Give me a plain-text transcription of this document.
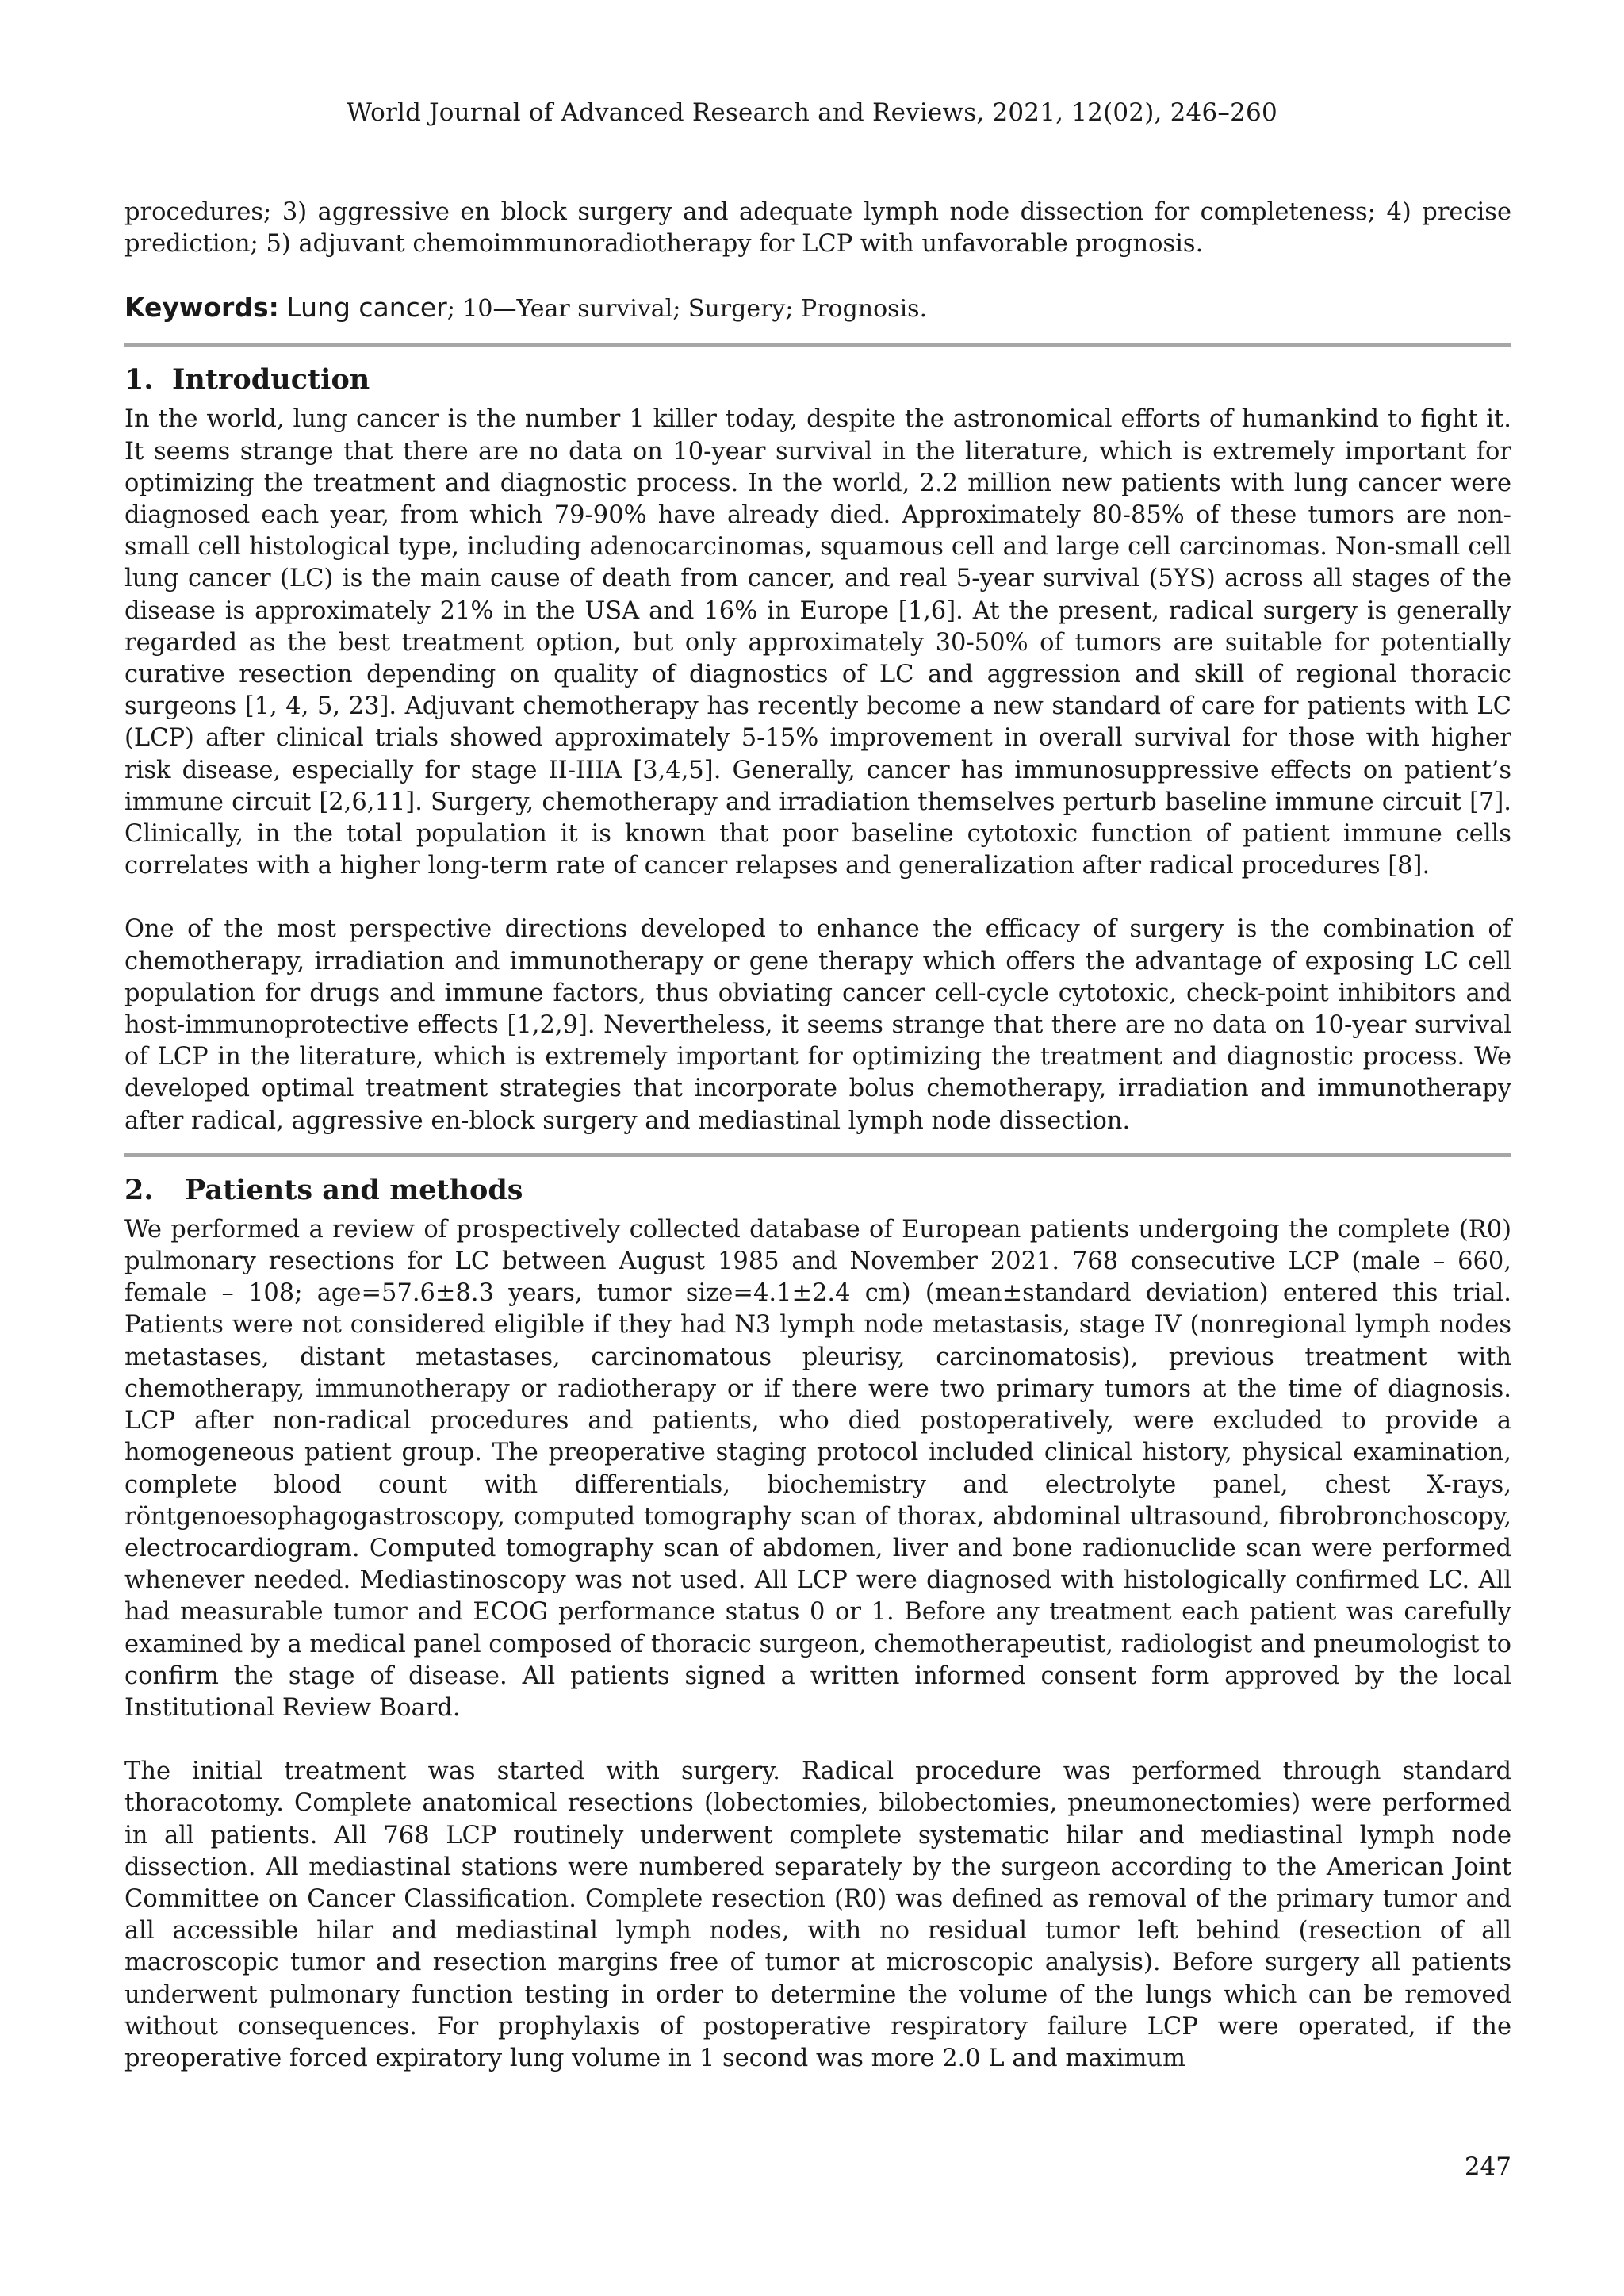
World Journal of Advanced Research and Reviews, 2021, 12(02), 246–260

procedures; 3) aggressive en block surgery and adequate lymph node dissection for completeness; 4) precise prediction; 5) adjuvant chemoimmunoradiotherapy for LCP with unfavorable prognosis.

Keywords: Lung cancer; 10—Year survival; Surgery; Prognosis.
1. Introduction

In the world, lung cancer is the number 1 killer today, despite the astronomical efforts of humankind to fight it. It seems strange that there are no data on 10-year survival in the literature, which is extremely important for optimizing the treatment and diagnostic process. In the world, 2.2 million new patients with lung cancer were diagnosed each year, from which 79-90% have already died. Approximately 80-85% of these tumors are non-small cell histological type, including adenocarcinomas, squamous cell and large cell carcinomas. Non-small cell lung cancer (LC) is the main cause of death from cancer, and real 5-year survival (5YS) across all stages of the disease is approximately 21% in the USA and 16% in Europe [1,6]. At the present, radical surgery is generally regarded as the best treatment option, but only approximately 30-50% of tumors are suitable for potentially curative resection depending on quality of diagnostics of LC and aggression and skill of regional thoracic surgeons [1, 4, 5, 23]. Adjuvant chemotherapy has recently become a new standard of care for patients with LC (LCP) after clinical trials showed approximately 5-15% improvement in overall survival for those with higher risk disease, especially for stage II-IIIA [3,4,5]. Generally, cancer has immunosuppressive effects on patient’s immune circuit [2,6,11]. Surgery, chemotherapy and irradiation themselves perturb baseline immune circuit [7]. Clinically, in the total population it is known that poor baseline cytotoxic function of patient immune cells correlates with a higher long-term rate of cancer relapses and generalization after radical procedures [8].

One of the most perspective directions developed to enhance the efficacy of surgery is the combination of chemotherapy, irradiation and immunotherapy or gene therapy which offers the advantage of exposing LC cell population for drugs and immune factors, thus obviating cancer cell-cycle cytotoxic, check-point inhibitors and host-immunoprotective effects [1,2,9]. Nevertheless, it seems strange that there are no data on 10-year survival of LCP in the literature, which is extremely important for optimizing the treatment and diagnostic process. We developed optimal treatment strategies that incorporate bolus chemotherapy, irradiation and immunotherapy after radical, aggressive en-block surgery and mediastinal lymph node dissection.

2. Patients and methods

We performed a review of prospectively collected database of European patients undergoing the complete (R0) pulmonary resections for LC between August 1985 and November 2021. 768 consecutive LCP (male – 660, female – 108; age=57.6±8.3 years, tumor size=4.1±2.4 cm) (mean±standard deviation) entered this trial. Patients were not considered eligible if they had N3 lymph node metastasis, stage IV (nonregional lymph nodes metastases, distant metastases, carcinomatous pleurisy, carcinomatosis), previous treatment with chemotherapy, immunotherapy or radiotherapy or if there were two primary tumors at the time of diagnosis. LCP after non-radical procedures and patients, who died postoperatively, were excluded to provide a homogeneous patient group. The preoperative staging protocol included clinical history, physical examination, complete blood count with differentials, biochemistry and electrolyte panel, chest X-rays, röntgenoesophagogastroscopy, computed tomography scan of thorax, abdominal ultrasound, fibrobronchoscopy, electrocardiogram. Computed tomography scan of abdomen, liver and bone radionuclide scan were performed whenever needed. Mediastinoscopy was not used. All LCP were diagnosed with histologically confirmed LC. All had measurable tumor and ECOG performance status 0 or 1. Before any treatment each patient was carefully examined by a medical panel composed of thoracic surgeon, chemotherapeutist, radiologist and pneumologist to confirm the stage of disease. All patients signed a written informed consent form approved by the local Institutional Review Board.

The initial treatment was started with surgery. Radical procedure was performed through standard thoracotomy. Complete anatomical resections (lobectomies, bilobectomies, pneumonectomies) were performed in all patients. All 768 LCP routinely underwent complete systematic hilar and mediastinal lymph node dissection. All mediastinal stations were numbered separately by the surgeon according to the American Joint Committee on Cancer Classification. Complete resection (R0) was defined as removal of the primary tumor and all accessible hilar and mediastinal lymph nodes, with no residual tumor left behind (resection of all macroscopic tumor and resection margins free of tumor at microscopic analysis). Before surgery all patients underwent pulmonary function testing in order to determine the volume of the lungs which can be removed without consequences. For prophylaxis of postoperative respiratory failure LCP were operated, if the preoperative forced expiratory lung volume in 1 second was more 2.0 L and maximum

247
